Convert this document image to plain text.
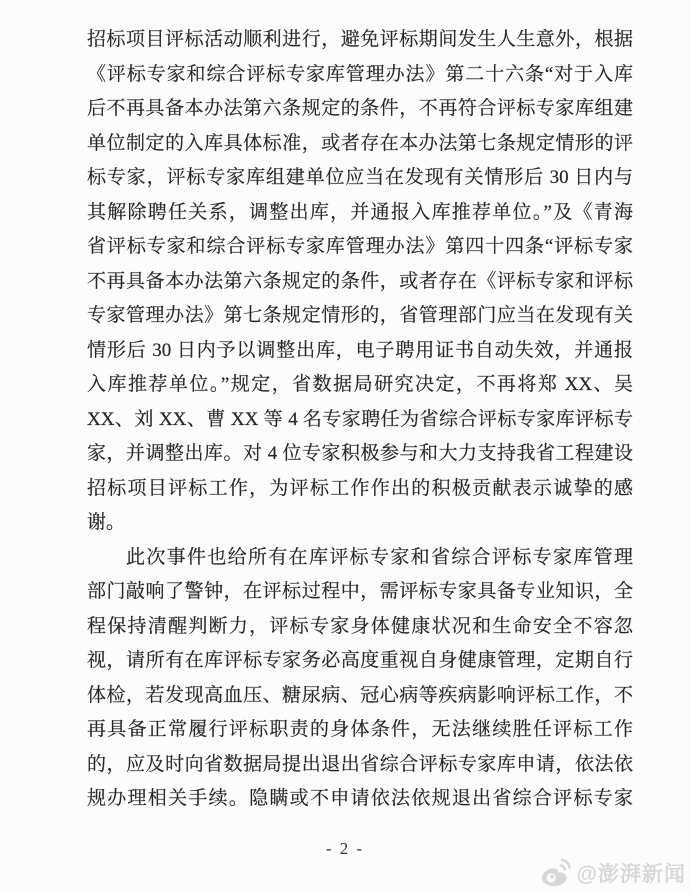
招标项目评标活动顺利进行，避免评标期间发生人生意外，根据
《评标专家和综合评标专家库管理办法》第二十六条“对于入库
后不再具备本办法第六条规定的条件，不再符合评标专家库组建
单位制定的入库具体标准，或者存在本办法第七条规定情形的评
标专家，评标专家库组建单位应当在发现有关情形后 30 日内与
其解除聘任关系，调整出库，并通报入库推荐单位。”及《青海
省评标专家和综合评标专家库管理办法》第四十四条“评标专家
不再具备本办法第六条规定的条件，或者存在《评标专家和评标
专家管理办法》第七条规定情形的，省管理部门应当在发现有关
情形后 30 日内予以调整出库，电子聘用证书自动失效，并通报
入库推荐单位。”规定，省数据局研究决定，不再将郑 XX、吴
XX、刘 XX、曹 XX 等 4 名专家聘任为省综合评标专家库评标专
家，并调整出库。对 4 位专家积极参与和大力支持我省工程建设
招标项目评标工作，为评标工作作出的积极贡献表示诚挚的感
谢。
此次事件也给所有在库评标专家和省综合评标专家库管理
部门敲响了警钟，在评标过程中，需评标专家具备专业知识，全
程保持清醒判断力，评标专家身体健康状况和生命安全不容忽
视，请所有在库评标专家务必高度重视自身健康管理，定期自行
体检，若发现高血压、糖尿病、冠心病等疾病影响评标工作，不
再具备正常履行评标职责的身体条件，无法继续胜任评标工作
的，应及时向省数据局提出退出省综合评标专家库申请，依法依
规办理相关手续。隐瞒或不申请依法依规退出省综合评标专家
- 2 -
@澎湃新闻
